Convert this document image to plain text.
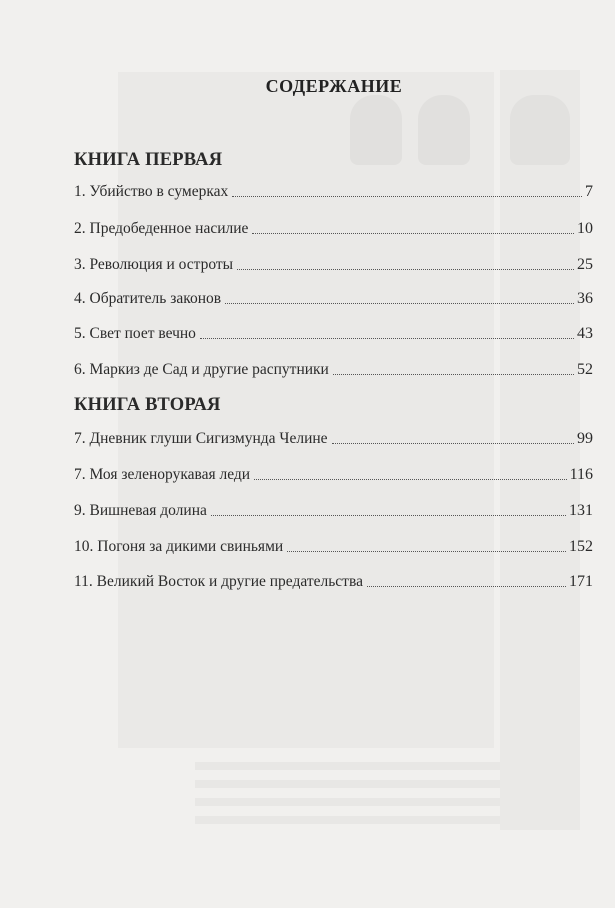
СОДЕРЖАНИЕ
КНИГА ПЕРВАЯ
1. Убийство в сумерках	7
2. Предобеденное насилие	10
3. Революция и остроты	25
4. Обратитель законов	36
5. Свет поет вечно	43
6. Маркиз де Сад и другие распутники	52
КНИГА ВТОРАЯ
7. Дневник глуши Сигизмунда Челине	99
7. Моя зеленорукавая леди	116
9. Вишневая долина	131
10. Погоня за дикими свиньями	152
11. Великий Восток и другие предательства	171
